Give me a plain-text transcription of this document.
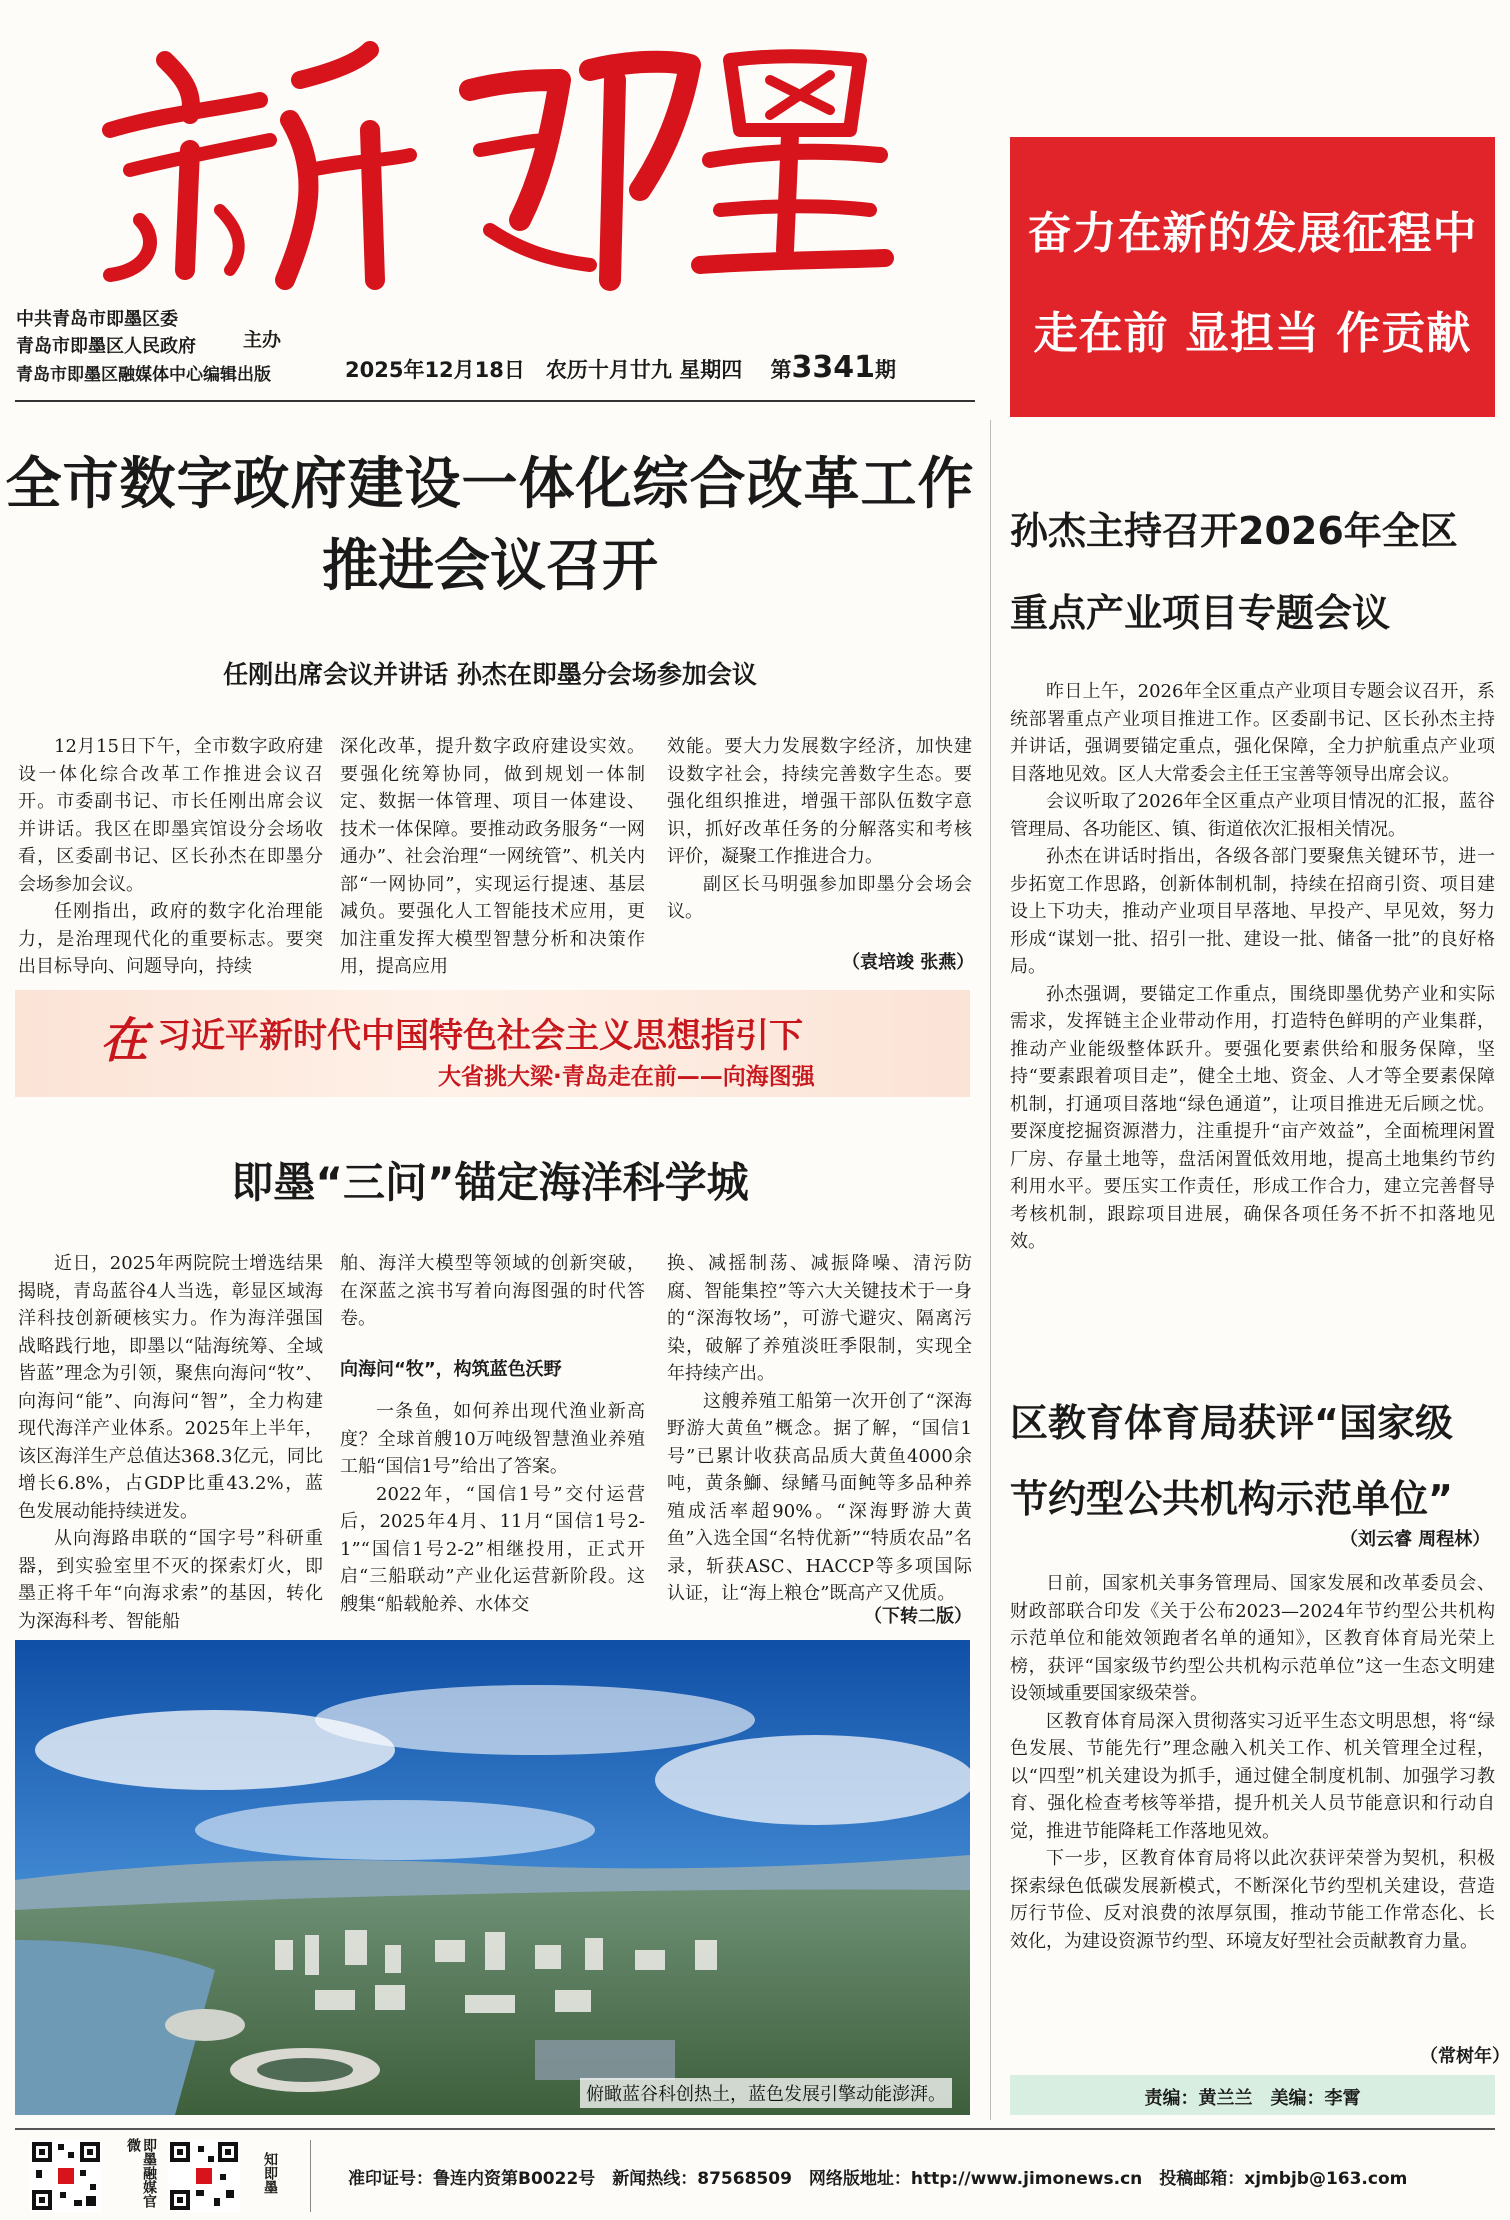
中共青岛市即墨区委
青岛市即墨区人民政府
青岛市即墨区融媒体中心编辑出版
主办
2025年12月18日　 农历十月廿九 星期四　 第3341期
奋力在新的发展征程中
走在前 显担当 作贡献
全市数字政府建设一体化综合改革工作
推进会议召开
任刚出席会议并讲话 孙杰在即墨分会场参加会议

12月15日下午，全市数字政府建设一体化综合改革工作推进会议召开。市委副书记、市长任刚出席会议并讲话。我区在即墨宾馆设分会场收看，区委副书记、区长孙杰在即墨分会场参加会议。

任刚指出，政府的数字化治理能力，是治理现代化的重要标志。要突出目标导向、问题导向，持续

深化改革，提升数字政府建设实效。要强化统筹协同，做到规划一体制定、数据一体管理、项目一体建设、技术一体保障。要推动政务服务“一网通办”、社会治理“一网统管”、机关内部“一网协同”，实现运行提速、基层减负。要强化人工智能技术应用，更加注重发挥大模型智慧分析和决策作用，提高应用

效能。要大力发展数字经济，加快建设数字社会，持续完善数字生态。要强化组织推进，增强干部队伍数字意识，抓好改革任务的分解落实和考核评价，凝聚工作推进合力。

副区长马明强参加即墨分会场会议。

（袁培竣 张燕）
在 习近平新时代中国特色社会主义思想指引下
大省挑大梁·青岛走在前——向海图强
即墨“三问”锚定海洋科学城

近日，2025年两院院士增选结果揭晓，青岛蓝谷4人当选，彰显区域海洋科技创新硬核实力。作为海洋强国战略践行地，即墨以“陆海统筹、全域皆蓝”理念为引领，聚焦向海问“牧”、向海问“能”、向海问“智”，全力构建现代海洋产业体系。2025年上半年，该区海洋生产总值达368.3亿元，同比增长6.8%，占GDP比重43.2%，蓝色发展动能持续迸发。

从向海路串联的“国字号”科研重器，到实验室里不灭的探索灯火，即墨正将千年“向海求索”的基因，转化为深海科考、智能船

舶、海洋大模型等领域的创新突破，在深蓝之滨书写着向海图强的时代答卷。

向海问“牧”，构筑蓝色沃野

一条鱼，如何养出现代渔业新高度？全球首艘10万吨级智慧渔业养殖工船“国信1号”给出了答案。

2022年，“国信1号”交付运营后，2025年4月、11月“国信1号2-1”“国信1号2-2”相继投用，正式开启“三船联动”产业化运营新阶段。这艘集“船载舱养、水体交

换、减摇制荡、减振降噪、清污防腐、智能集控”等六大关键技术于一身的“深海牧场”，可游弋避灾、隔离污染，破解了养殖淡旺季限制，实现全年持续产出。

这艘养殖工船第一次开创了“深海野游大黄鱼”概念。据了解，“国信1号”已累计收获高品质大黄鱼4000余吨，黄条鰤、绿鳍马面鲀等多品种养殖成活率超90%。“深海野游大黄鱼”入选全国“名特优新”“特质农品”名录，斩获ASC、HACCP等多项国际认证，让“海上粮仓”既高产又优质。

（下转二版）
俯瞰蓝谷科创热土，蓝色发展引擎动能澎湃。
孙杰主持召开2026年全区
重点产业项目专题会议

昨日上午，2026年全区重点产业项目专题会议召开，系统部署重点产业项目推进工作。区委副书记、区长孙杰主持并讲话，强调要锚定重点，强化保障，全力护航重点产业项目落地见效。区人大常委会主任王宝善等领导出席会议。

会议听取了2026年全区重点产业项目情况的汇报，蓝谷管理局、各功能区、镇、街道依次汇报相关情况。

孙杰在讲话时指出，各级各部门要聚焦关键环节，进一步拓宽工作思路，创新体制机制，持续在招商引资、项目建设上下功夫，推动产业项目早落地、早投产、早见效，努力形成“谋划一批、招引一批、建设一批、储备一批”的良好格局。

孙杰强调，要锚定工作重点，围绕即墨优势产业和实际需求，发挥链主企业带动作用，打造特色鲜明的产业集群，推动产业能级整体跃升。要强化要素供给和服务保障，坚持“要素跟着项目走”，健全土地、资金、人才等全要素保障机制，打通项目落地“绿色通道”，让项目推进无后顾之忧。要深度挖掘资源潜力，注重提升“亩产效益”，全面梳理闲置厂房、存量土地等，盘活闲置低效用地，提高土地集约节约利用水平。要压实工作责任，形成工作合力，建立完善督导考核机制，跟踪项目进展，确保各项任务不折不扣落地见效。

（刘云睿 周程林）
区教育体育局获评“国家级
节约型公共机构示范单位”

日前，国家机关事务管理局、国家发展和改革委员会、财政部联合印发《关于公布2023—2024年节约型公共机构示范单位和能效领跑者名单的通知》，区教育体育局光荣上榜，获评“国家级节约型公共机构示范单位”这一生态文明建设领域重要国家级荣誉。

区教育体育局深入贯彻落实习近平生态文明思想，将“绿色发展、节能先行”理念融入机关工作、机关管理全过程，以“四型”机关建设为抓手，通过健全制度机制、加强学习教育、强化检查考核等举措，提升机关人员节能意识和行动自觉，推进节能降耗工作落地见效。

下一步，区教育体育局将以此次获评荣誉为契机，积极探索绿色低碳发展新模式，不断深化节约型机关建设，营造厉行节俭、反对浪费的浓厚氛围，推动节能工作常态化、长效化，为建设资源节约型、环境友好型社会贡献教育力量。

（常树年）
责编：黄兰兰　美编：李霄
即墨融媒官微
知即墨	准印证号：鲁连内资第B0022号　新闻热线：87568509　网络版地址：http://www.jimonews.cn　投稿邮箱：xjmbjb@163.com
